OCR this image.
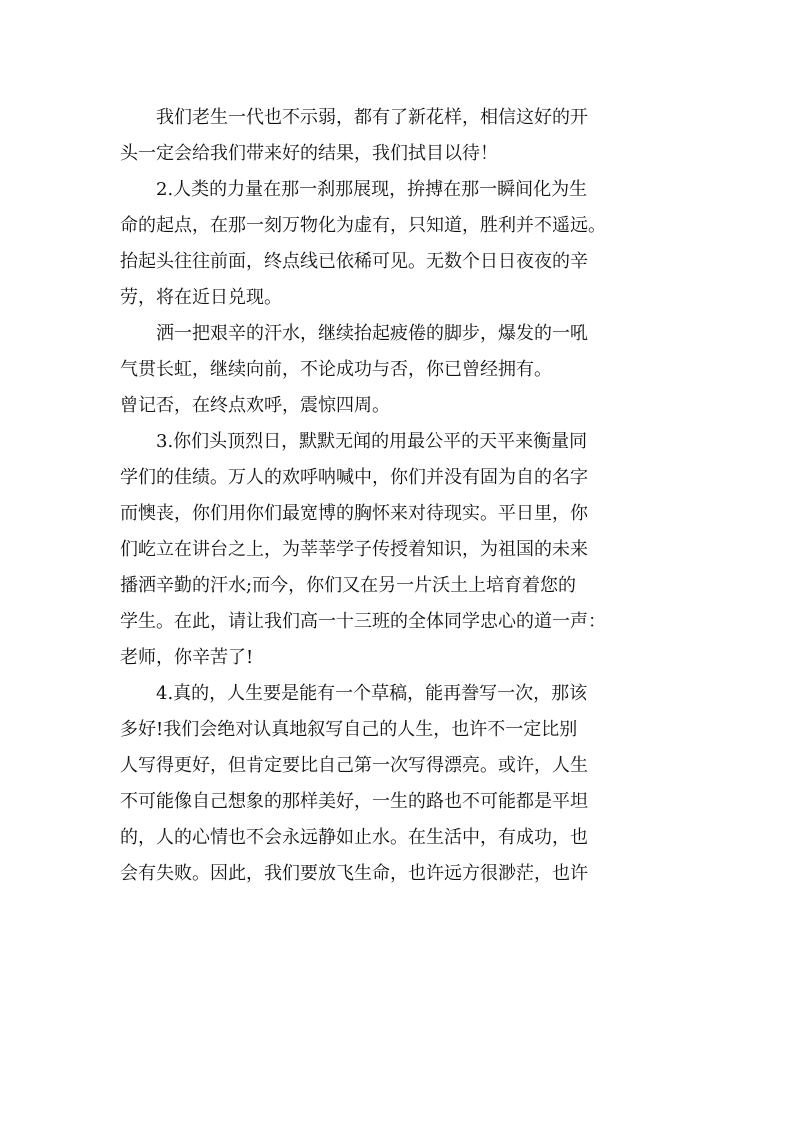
　　我们老生一代也不示弱，都有了新花样，相信这好的开
头一定会给我们带来好的结果，我们拭目以待！
　　2.人类的力量在那一刹那展现，拚搏在那一瞬间化为生
命的起点，在那一刻万物化为虚有，只知道，胜利并不遥远。
抬起头往往前面，终点线已依稀可见。无数个日日夜夜的辛
劳，将在近日兑现。
　　洒一把艰辛的汗水，继续抬起疲倦的脚步，爆发的一吼
气贯长虹，继续向前，不论成功与否，你已曾经拥有。
曾记否，在终点欢呼，震惊四周。
　　3.你们头顶烈日，默默无闻的用最公平的天平来衡量同
学们的佳绩。万人的欢呼呐喊中，你们并没有固为自的名字
而懊丧，你们用你们最宽博的胸怀来对待现实。平日里，你
们屹立在讲台之上，为莘莘学子传授着知识，为祖国的未来
播洒辛勤的汗水;而今，你们又在另一片沃土上培育着您的
学生。在此，请让我们高一十三班的全体同学忠心的道一声：
老师，你辛苦了!
　　4.真的，人生要是能有一个草稿，能再誊写一次，那该
多好!我们会绝对认真地叙写自己的人生，也许不一定比别
人写得更好，但肯定要比自己第一次写得漂亮。或许，人生
不可能像自己想象的那样美好，一生的路也不可能都是平坦
的，人的心情也不会永远静如止水。在生活中，有成功，也
会有失败。因此，我们要放飞生命，也许远方很渺茫，也许
